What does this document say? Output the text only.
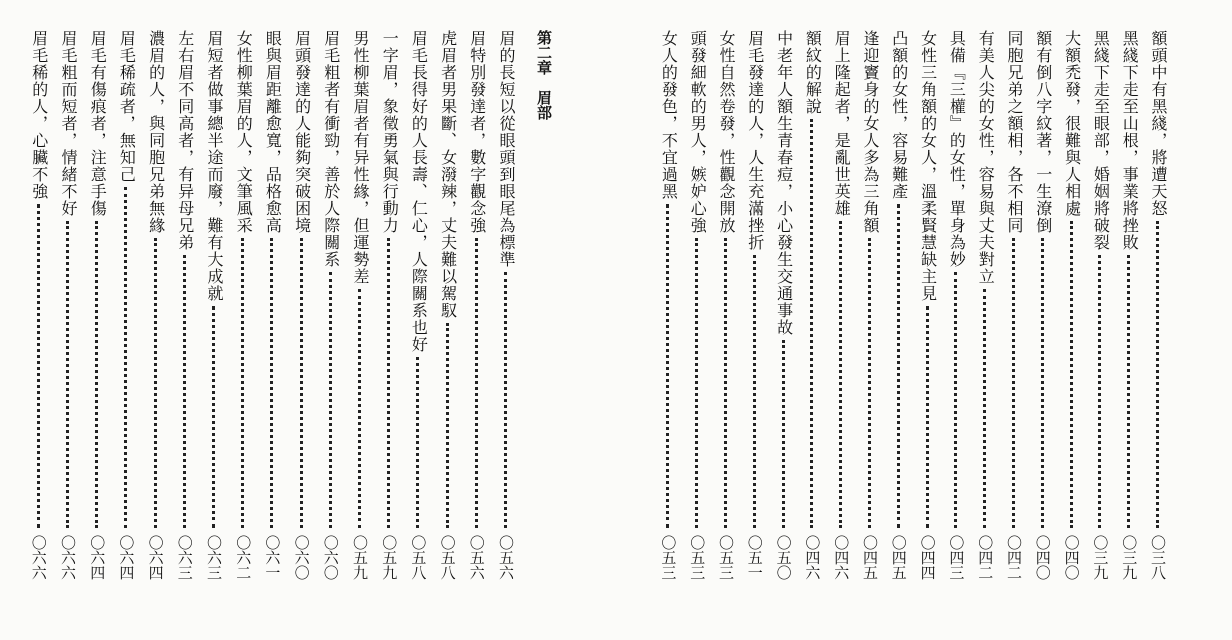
第二章　眉部
眉的長短以從眼頭到眼尾為標準
〇五六
眉特別發達者，數字觀念強
〇五六
虎眉者男果斷、女潑辣，丈夫難以駕馭
〇五八
眉毛長得好的人長壽、仁心，人際關系也好
〇五八
一字眉，象徵勇氣與行動力
〇五九
男性柳葉眉者有异性緣，但運勢差
〇五九
眉毛粗者有衝勁，善於人際關系
〇六〇
眉頭發達的人能夠突破困境
〇六〇
眼與眉距離愈寬，品格愈高
〇六一
女性柳葉眉的人，文筆風采
〇六二
眉短者做事總半途而廢，難有大成就
〇六三
左右眉不同高者，有异母兄弟
〇六三
濃眉的人，與同胞兄弟無緣
〇六四
眉毛稀疏者，無知己
〇六四
眉毛有傷痕者，注意手傷
〇六四
眉毛粗而短者，情緒不好
〇六六
眉毛稀的人，心臟不強
〇六六
額頭中有黑綫，將遭天怒
〇三八
黑綫下走至山根，事業將挫敗
〇三九
黑綫下走至眼部，婚姻將破裂
〇三九
大額禿發，很難與人相處
〇四〇
額有倒八字紋著，一生潦倒
〇四〇
同胞兄弟之額相，各不相同
〇四二
有美人尖的女性，容易與丈夫對立
〇四二
具備『三權』的女性，單身為妙
〇四三
女性三角額的女人，溫柔賢慧缺主見
〇四四
凸額的女性，容易難產
〇四五
逢迎竇身的女人多為三角額
〇四五
眉上隆起者，是亂世英雄
〇四六
額紋的解說
〇四六
中老年人額生青春痘，小心發生交通事故
〇五〇
眉毛發達的人，人生充滿挫折
〇五一
女性自然卷發，性觀念開放
〇五三
頭發細軟的男人，嫉妒心強
〇五三
女人的發色，不宜過黑
〇五三
